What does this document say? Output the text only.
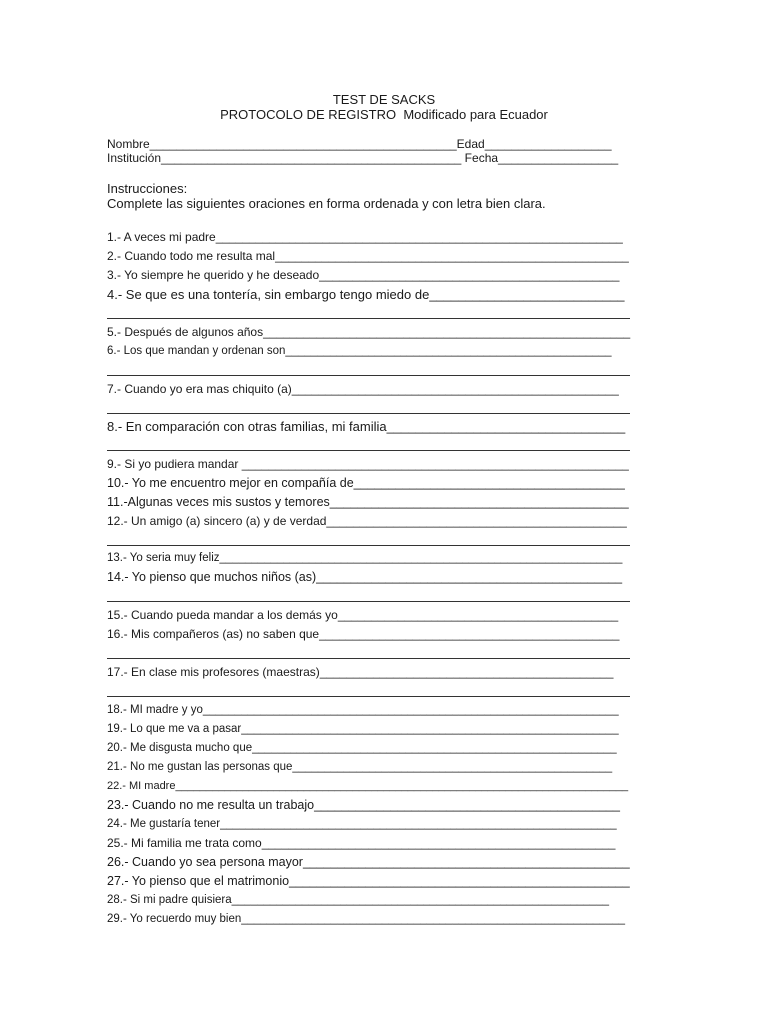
TEST DE SACKS
PROTOCOLO DE REGISTRO  Modificado para Ecuador
Nombre______________________________________________Edad___________________
Institución_____________________________________________ Fecha__________________
Instrucciones:
Complete las siguientes oraciones en forma ordenada y con letra bien clara.
1.- A veces mi padre_____________________________________________________________
2.- Cuando todo me resulta mal_____________________________________________________
3.- Yo siempre he querido y he deseado_____________________________________________
4.- Se que es una tontería, sin embargo tengo miedo de___________________________
5.- Después de algunos años_______________________________________________________
6.- Los que mandan y ordenan son___________________________________________________
7.- Cuando yo era mas chiquito (a)_________________________________________________
8.- En comparación con otras familias, mi familia_________________________________
9.- Si yo pudiera mandar __________________________________________________________
10.- Yo me encuentro mejor en compañía de_______________________________________
11.-Algunas veces mis sustos y temores___________________________________________
12.- Un amigo (a) sincero (a) y de verdad_____________________________________________
13.- Yo seria muy feliz_______________________________________________________________
14.- Yo pienso que muchos niños (as)____________________________________________
15.- Cuando pueda mandar a los demás yo__________________________________________
16.- Mis compañeros (as) no saben que_____________________________________________
17.- En clase mis profesores (maestras)____________________________________________
18.- MI madre y yo_________________________________________________________________
19.- Lo que me va a pasar___________________________________________________________
20.- Me disgusta mucho que_________________________________________________________
21.- No me gustan las personas que__________________________________________________
22.- MI madre__________________________________________________________________________
23.- Cuando no me resulta un trabajo____________________________________________
24.- Me gustaría tener______________________________________________________________
25.- Mi familia me trata como_____________________________________________________
26.- Cuando yo sea persona mayor_______________________________________________
27.- Yo pienso que el matrimonio_________________________________________________
28.- Si mi padre quisiera___________________________________________________________
29.- Yo recuerdo muy bien____________________________________________________________
